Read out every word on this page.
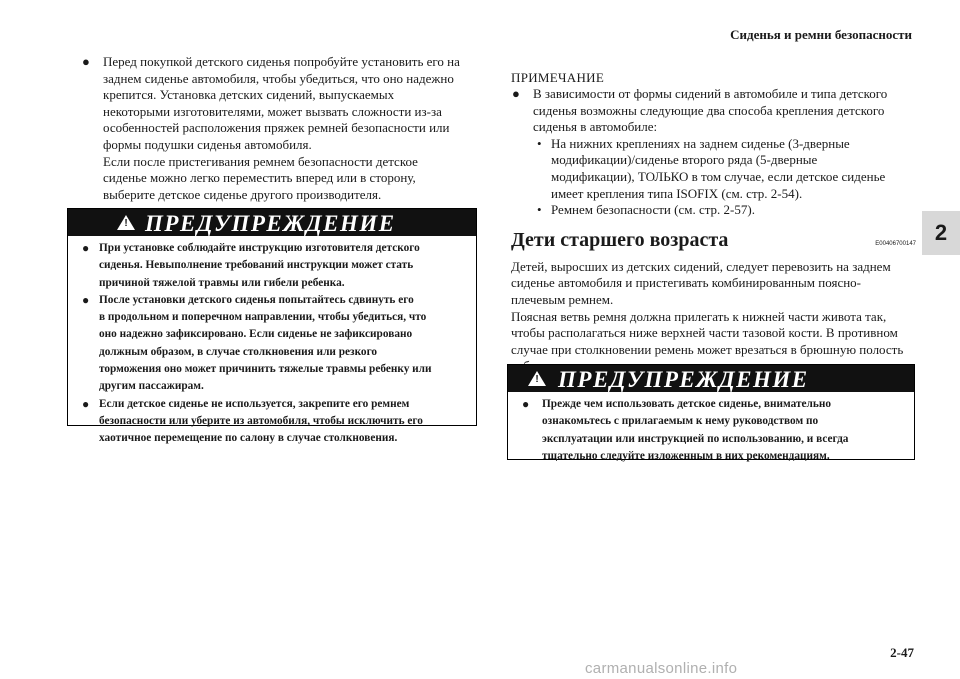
Сиденья и ремни безопасности
2
● Перед покупкой детского сиденья попробуйте установить его на

заднем сиденье автомобиля, чтобы убедиться, что оно надежно

крепится. Установка детских сидений, выпускаемых

некоторыми изготовителями, может вызвать сложности из-за

особенностей расположения пряжек ремней безопасности или

формы подушки сиденья автомобиля.

Если после пристегивания ремнем безопасности детское

сиденье можно легко переместить вперед или в сторону,

выберите детское сиденье другого производителя.

! ПРЕДУПРЕЖДЕНИЕ
● При установке соблюдайте инструкцию изготовителя детского

сиденья. Невыполнение требований инструкции может стать

причиной тяжелой травмы или гибели ребенка.

● После установки детского сиденья попытайтесь сдвинуть его

в продольном и поперечном направлении, чтобы убедиться, что

оно надежно зафиксировано. Если сиденье не зафиксировано

должным образом, в случае столкновения или резкого

торможения оно может причинить тяжелые травмы ребенку или

другим пассажирам.

● Если детское сиденье не используется, закрепите его ремнем

безопасности или уберите из автомобиля, чтобы исключить его

хаотичное перемещение по салону в случае столкновения.

ПРИМЕЧАНИЕ
● В зависимости от формы сидений в автомобиле и типа детского

сиденья возможны следующие два способа крепления детского

сиденья в автомобиле:

• На нижних креплениях на заднем сиденье (3-дверные
модификации)/сиденье второго ряда (5-дверные
модификации), ТОЛЬКО в том случае, если детское сиденье
имеет крепления типа ISOFIX (см. стр. 2-54).
• Ремнем безопасности (см. стр. 2-57).
Дети старшего возраста	E00406700147

Детей, выросших из детских сидений, следует перевозить на заднем

сиденье автомобиля и пристегивать комбинированным поясно-

плечевым ремнем.

Поясная ветвь ремня должна прилегать к нижней части живота так,

чтобы располагаться ниже верхней части тазовой кости. В противном

случае при столкновении ремень может врезаться в брюшную полость

! ПРЕДУПРЕЖДЕНИЕ
● Прежде чем использовать детское сиденье, внимательно

ознакомьтесь с прилагаемым к нему руководством по

эксплуатации или инструкцией по использованию, и всегда

тщательно следуйте изложенным в них рекомендациям.

2-47
carmanualsonline.info
